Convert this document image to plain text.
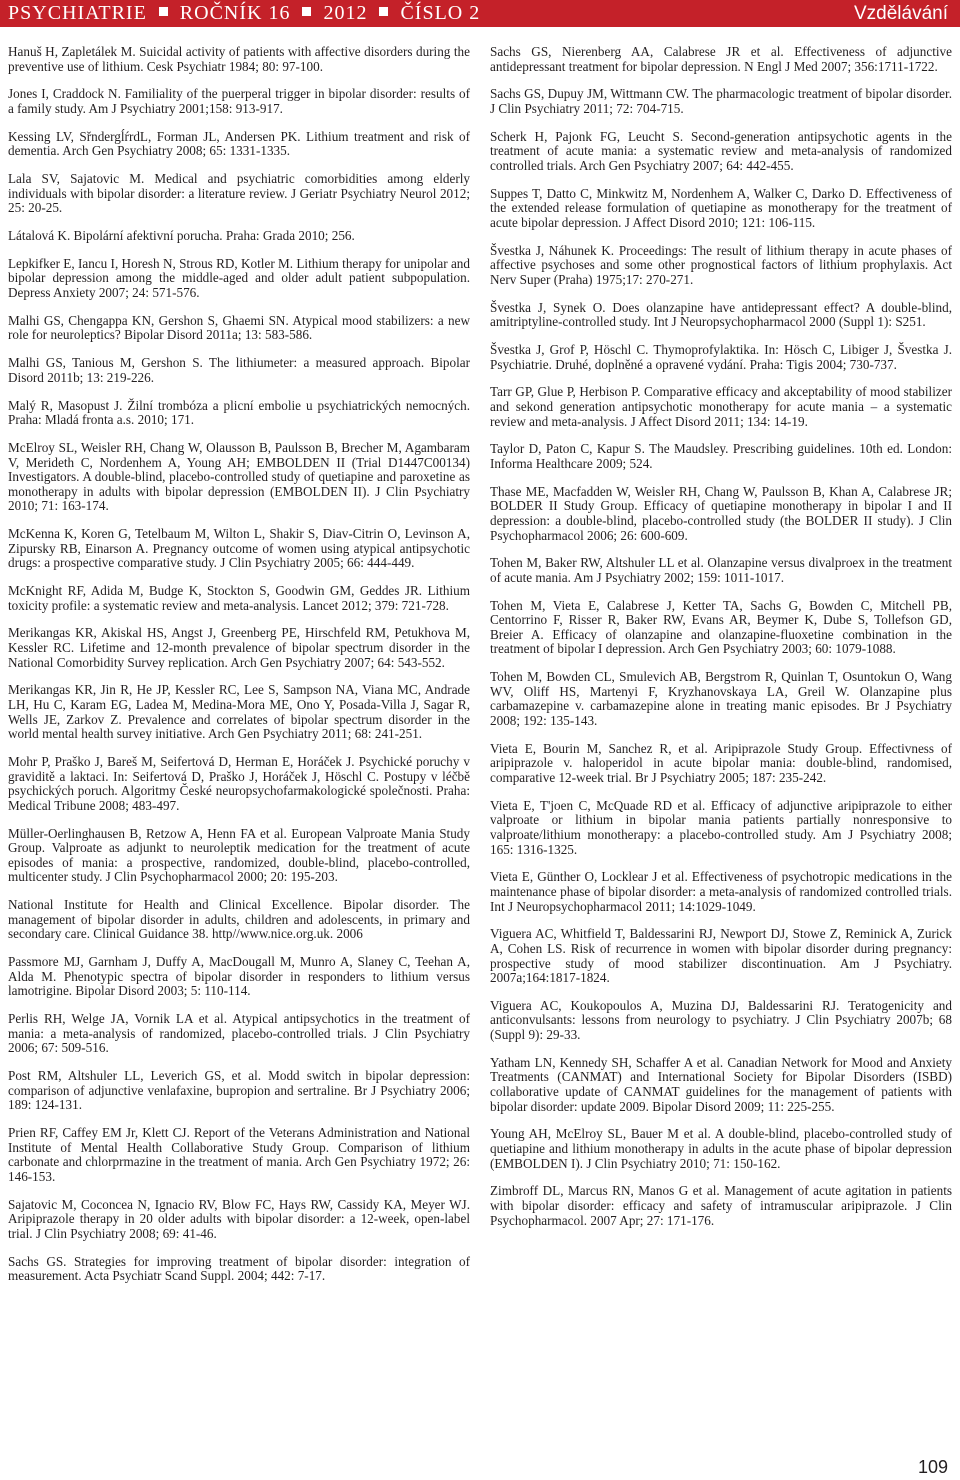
PSYCHIATRIE ROČNÍK 16 2012 ČÍSLO 2	Vzdělávání

Hanuš H, Zapletálek M. Suicidal activity of patients with affective disorders during the preventive use of lithium. Cesk Psychiatr 1984; 80: 97-100.

Jones I, Craddock N. Familiality of the puerperal trigger in bipolar disorder: results of a family study. Am J Psychiatry 2001;158: 913-917.

Kessing LV, SřndergĺŕrdL, Forman JL, Andersen PK. Lithium treatment and risk of dementia. Arch Gen Psychiatry 2008; 65: 1331-1335.

Lala SV, Sajatovic M. Medical and psychiatric comorbidities among elderly individuals with bipolar disorder: a literature review. J Geriatr Psychiatry Neurol 2012; 25: 20-25.

Látalová K. Bipolární afektivní porucha. Praha: Grada 2010; 256.

Lepkifker E, Iancu I, Horesh N, Strous RD, Kotler M. Lithium therapy for unipolar and bipolar depression among the middle-aged and older adult patient subpopulation. Depress Anxiety 2007; 24: 571-576.

Malhi GS, Chengappa KN, Gershon S, Ghaemi SN. Atypical mood stabilizers: a new role for neuroleptics? Bipolar Disord 2011a; 13: 583-586.

Malhi GS, Tanious M, Gershon S. The lithiumeter: a measured approach. Bipolar Disord 2011b; 13: 219-226.

Malý R, Masopust J. Žilní trombóza a plicní embolie u psychiatrických nemocných. Praha: Mladá fronta a.s. 2010; 171.

McElroy SL, Weisler RH, Chang W, Olausson B, Paulsson B, Brecher M, Agambaram V, Merideth C, Nordenhem A, Young AH; EMBOLDEN II (Trial D1447C00134) Investigators. A double-blind, placebo-controlled study of quetiapine and paroxetine as monotherapy in adults with bipolar depression (EMBOLDEN II). J Clin Psychiatry 2010; 71: 163-174.

McKenna K, Koren G, Tetelbaum M, Wilton L, Shakir S, Diav-Citrin O, Levinson A, Zipursky RB, Einarson A. Pregnancy outcome of women using atypical antipsychotic drugs: a prospective comparative study. J Clin Psychiatry 2005; 66: 444-449.

McKnight RF, Adida M, Budge K, Stockton S, Goodwin GM, Geddes JR. Lithium toxicity profile: a systematic review and meta-analysis. Lancet 2012; 379: 721-728.

Merikangas KR, Akiskal HS, Angst J, Greenberg PE, Hirschfeld RM, Petukhova M, Kessler RC. Lifetime and 12-month prevalence of bipolar spectrum disorder in the National Comorbidity Survey replication. Arch Gen Psychiatry 2007; 64: 543-552.

Merikangas KR, Jin R, He JP, Kessler RC, Lee S, Sampson NA, Viana MC, Andrade LH, Hu C, Karam EG, Ladea M, Medina-Mora ME, Ono Y, Posada-Villa J, Sagar R, Wells JE, Zarkov Z. Prevalence and correlates of bipolar spectrum disorder in the world mental health survey initiative. Arch Gen Psychiatry 2011; 68: 241-251.

Mohr P, Praško J, Bareš M, Seifertová D, Herman E, Horáček J. Psychické poruchy v graviditě a laktaci. In: Seifertová D, Praško J, Horáček J, Höschl C. Postupy v léčbě psychických poruch. Algoritmy České neuropsychofarmakologické společnosti. Praha: Medical Tribune 2008; 483-497.

Müller-Oerlinghausen B, Retzow A, Henn FA et al. European Valproate Mania Study Group. Valproate as adjunkt to neuroleptik medication for the treatment of acute episodes of mania: a prospective, randomized, double-blind, placebo-controlled, multicenter study. J Clin Psychopharmacol 2000; 20: 195-203.

National Institute for Health and Clinical Excellence. Bipolar disorder. The management of bipolar disorder in adults, children and adolescents, in primary and secondary care. Clinical Guidance 38. http//www.nice.org.uk. 2006

Passmore MJ, Garnham J, Duffy A, MacDougall M, Munro A, Slaney C, Teehan A, Alda M. Phenotypic spectra of bipolar disorder in responders to lithium versus lamotrigine. Bipolar Disord 2003; 5: 110-114.

Perlis RH, Welge JA, Vornik LA et al. Atypical antipsychotics in the treatment of mania: a meta-analysis of randomized, placebo-controlled trials. J Clin Psychiatry 2006; 67: 509-516.

Post RM, Altshuler LL, Leverich GS, et al. Modd switch in bipolar depression: comparison of adjunctive venlafaxine, bupropion and sertraline. Br J Psychiatry 2006; 189: 124-131.

Prien RF, Caffey EM Jr, Klett CJ. Report of the Veterans Administration and National Institute of Mental Health Collaborative Study Group. Comparison of lithium carbonate and chlorprmazine in the treatment of mania. Arch Gen Psychiatry 1972; 26: 146-153.

Sajatovic M, Coconcea N, Ignacio RV, Blow FC, Hays RW, Cassidy KA, Meyer WJ. Aripiprazole therapy in 20 older adults with bipolar disorder: a 12-week, open-label trial. J Clin Psychiatry 2008; 69: 41-46.

Sachs GS. Strategies for improving treatment of bipolar disorder: integration of measurement. Acta Psychiatr Scand Suppl. 2004; 442: 7-17.

Sachs GS, Nierenberg AA, Calabrese JR et al. Effectiveness of adjunctive antidepressant treatment for bipolar depression. N Engl J Med 2007; 356:1711-1722.

Sachs GS, Dupuy JM, Wittmann CW. The pharmacologic treatment of bipolar disorder. J Clin Psychiatry 2011; 72: 704-715.

Scherk H, Pajonk FG, Leucht S. Second-generation antipsychotic agents in the treatment of acute mania: a systematic review and meta-analysis of randomized controlled trials. Arch Gen Psychiatry 2007; 64: 442-455.

Suppes T, Datto C, Minkwitz M, Nordenhem A, Walker C, Darko D. Effectiveness of the extended release formulation of quetiapine as monotherapy for the treatment of acute bipolar depression. J Affect Disord 2010; 121: 106-115.

Švestka J, Náhunek K. Proceedings: The result of lithium therapy in acute phases of affective psychoses and some other prognostical factors of lithium prophylaxis. Act Nerv Super (Praha) 1975;17: 270-271.

Švestka J, Synek O. Does olanzapine have antidepressant effect? A double-blind, amitriptyline-controlled study. Int J Neuropsychopharmacol 2000 (Suppl 1): S251.

Švestka J, Grof P, Höschl C. Thymoprofylaktika. In: Hösch C, Libiger J, Švestka J. Psychiatrie. Druhé, doplněné a opravené vydání. Praha: Tigis 2004; 730-737.

Tarr GP, Glue P, Herbison P. Comparative efficacy and akceptability of mood stabilizer and sekond generation antipsychotic monotherapy for acute mania – a systematic review and meta-analysis. J Affect Disord 2011; 134: 14-19.

Taylor D, Paton C, Kapur S. The Maudsley. Prescribing guidelines. 10th ed. London: Informa Healthcare 2009; 524.

Thase ME, Macfadden W, Weisler RH, Chang W, Paulsson B, Khan A, Calabrese JR; BOLDER II Study Group. Efficacy of quetiapine monotherapy in bipolar I and II depression: a double-blind, placebo-controlled study (the BOLDER II study). J Clin Psychopharmacol 2006; 26: 600-609.

Tohen M, Baker RW, Altshuler LL et al. Olanzapine versus divalproex in the treatment of acute mania. Am J Psychiatry 2002; 159: 1011-1017.

Tohen M, Vieta E, Calabrese J, Ketter TA, Sachs G, Bowden C, Mitchell PB, Centorrino F, Risser R, Baker RW, Evans AR, Beymer K, Dube S, Tollefson GD, Breier A. Efficacy of olanzapine and olanzapine-fluoxetine combination in the treatment of bipolar I depression. Arch Gen Psychiatry 2003; 60: 1079-1088.

Tohen M, Bowden CL, Smulevich AB, Bergstrom R, Quinlan T, Osuntokun O, Wang WV, Oliff HS, Martenyi F, Kryzhanovskaya LA, Greil W. Olanzapine plus carbamazepine v. carbamazepine alone in treating manic episodes. Br J Psychiatry 2008; 192: 135-143.

Vieta E, Bourin M, Sanchez R, et al. Aripiprazole Study Group. Effectivness of aripiprazole v. haloperidol in acute bipolar mania: double-blind, randomised, comparative 12-week trial. Br J Psychiatry 2005; 187: 235-242.

Vieta E, T'joen C, McQuade RD et al. Efficacy of adjunctive aripiprazole to either valproate or lithium in bipolar mania patients partially nonresponsive to valproate/lithium monotherapy: a placebo-controlled study. Am J Psychiatry 2008; 165: 1316-1325.

Vieta E, Günther O, Locklear J et al. Effectiveness of psychotropic medications in the maintenance phase of bipolar disorder: a meta-analysis of randomized controlled trials. Int J Neuropsychopharmacol 2011; 14:1029-1049.

Viguera AC, Whitfield T, Baldessarini RJ, Newport DJ, Stowe Z, Reminick A, Zurick A, Cohen LS. Risk of recurrence in women with bipolar disorder during pregnancy: prospective study of mood stabilizer discontinuation. Am J Psychiatry. 2007a;164:1817-1824.

Viguera AC, Koukopoulos A, Muzina DJ, Baldessarini RJ. Teratogenicity and anticonvulsants: lessons from neurology to psychiatry. J Clin Psychiatry 2007b; 68 (Suppl 9): 29-33.

Yatham LN, Kennedy SH, Schaffer A et al. Canadian Network for Mood and Anxiety Treatments (CANMAT) and International Society for Bipolar Disorders (ISBD) collaborative update of CANMAT guidelines for the management of patients with bipolar disorder: update 2009. Bipolar Disord 2009; 11: 225-255.

Young AH, McElroy SL, Bauer M et al. A double-blind, placebo-controlled study of quetiapine and lithium monotherapy in adults in the acute phase of bipolar depression (EMBOLDEN I). J Clin Psychiatry 2010; 71: 150-162.

Zimbroff DL, Marcus RN, Manos G et al. Management of acute agitation in patients with bipolar disorder: efficacy and safety of intramuscular aripiprazole. J Clin Psychopharmacol. 2007 Apr; 27: 171-176.

109
